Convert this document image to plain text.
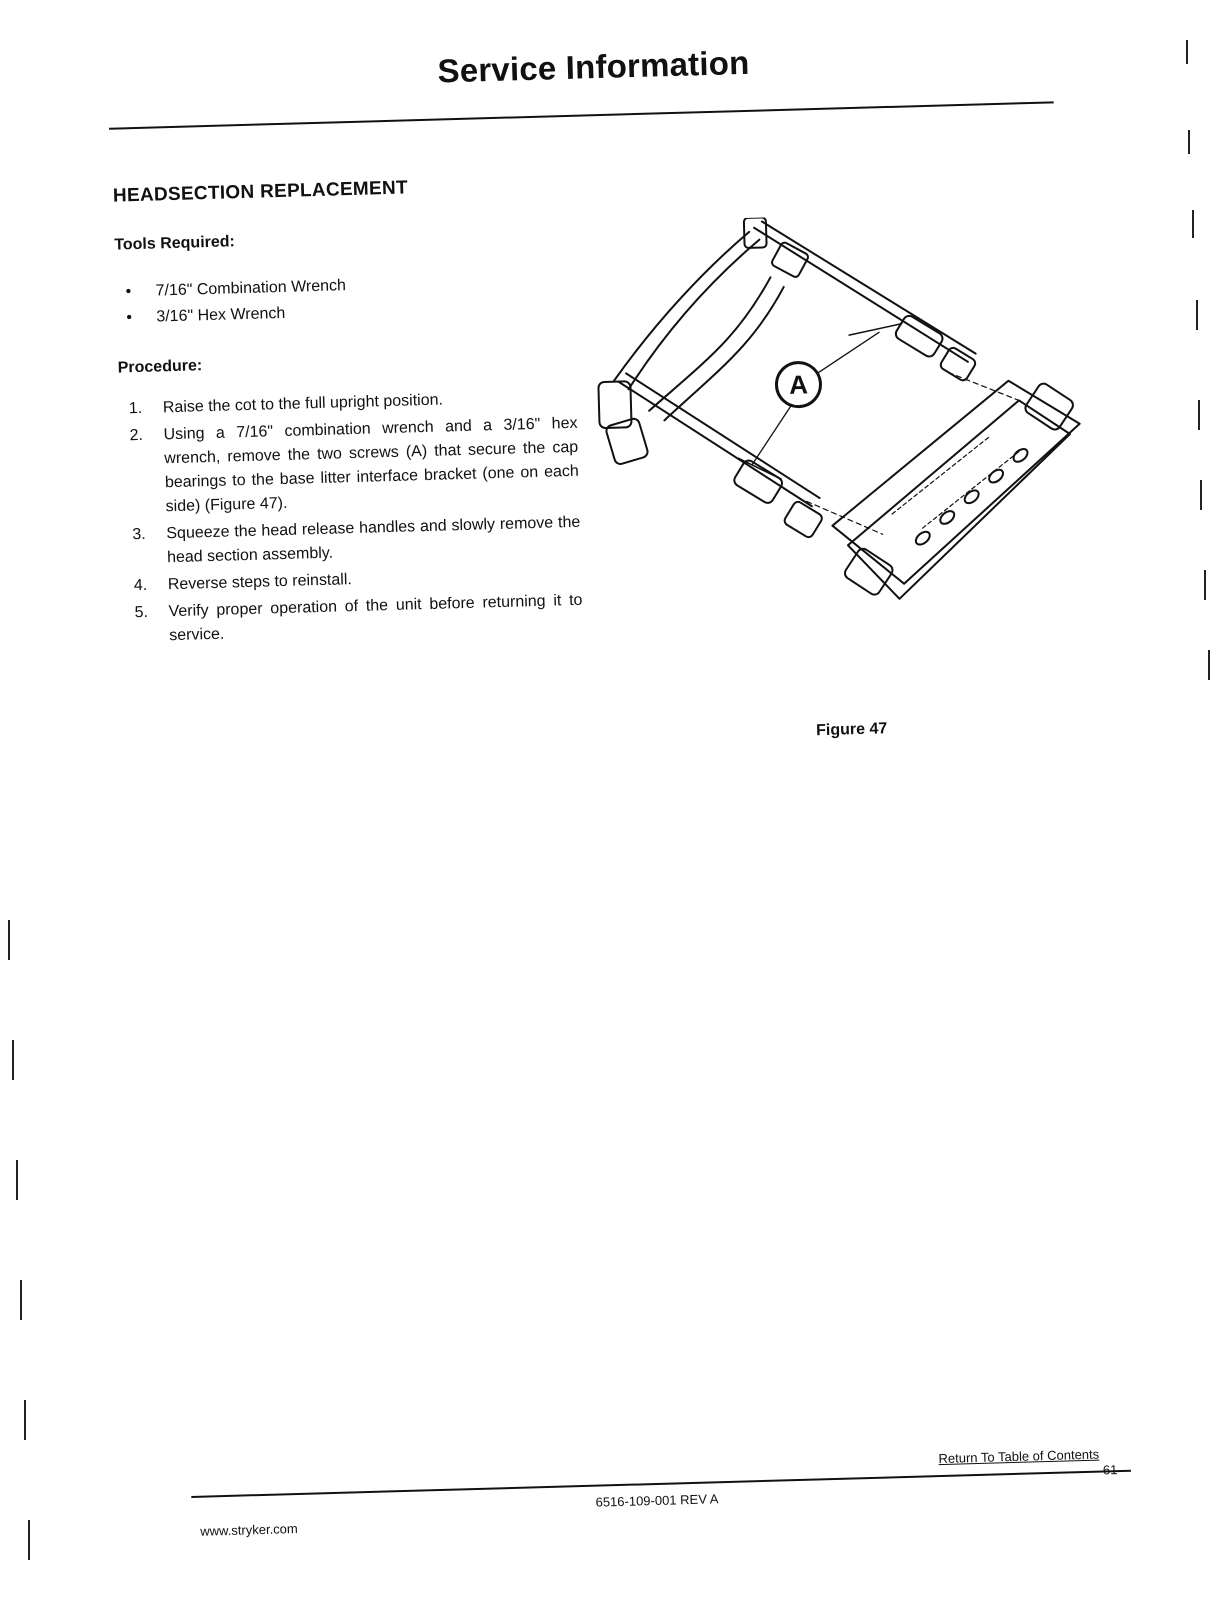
Service Information
HEADSECTION REPLACEMENT
Tools Required:
• 7/16" Combination Wrench
• 3/16" Hex Wrench
Procedure:
1. Raise the cot to the full upright position.
2. Using a 7/16" combination wrench and a 3/16" hex wrench, remove the two screws (A) that secure the cap bearings to the base litter interface bracket (one on each side) (Figure 47).
3. Squeeze the head release handles and slowly remove the head section assembly.
4. Reverse steps to reinstall.
5. Verify proper operation of the unit before returning it to service.
A
Figure 47
Return To Table of Contents
61
www.stryker.com
6516-109-001 REV A
